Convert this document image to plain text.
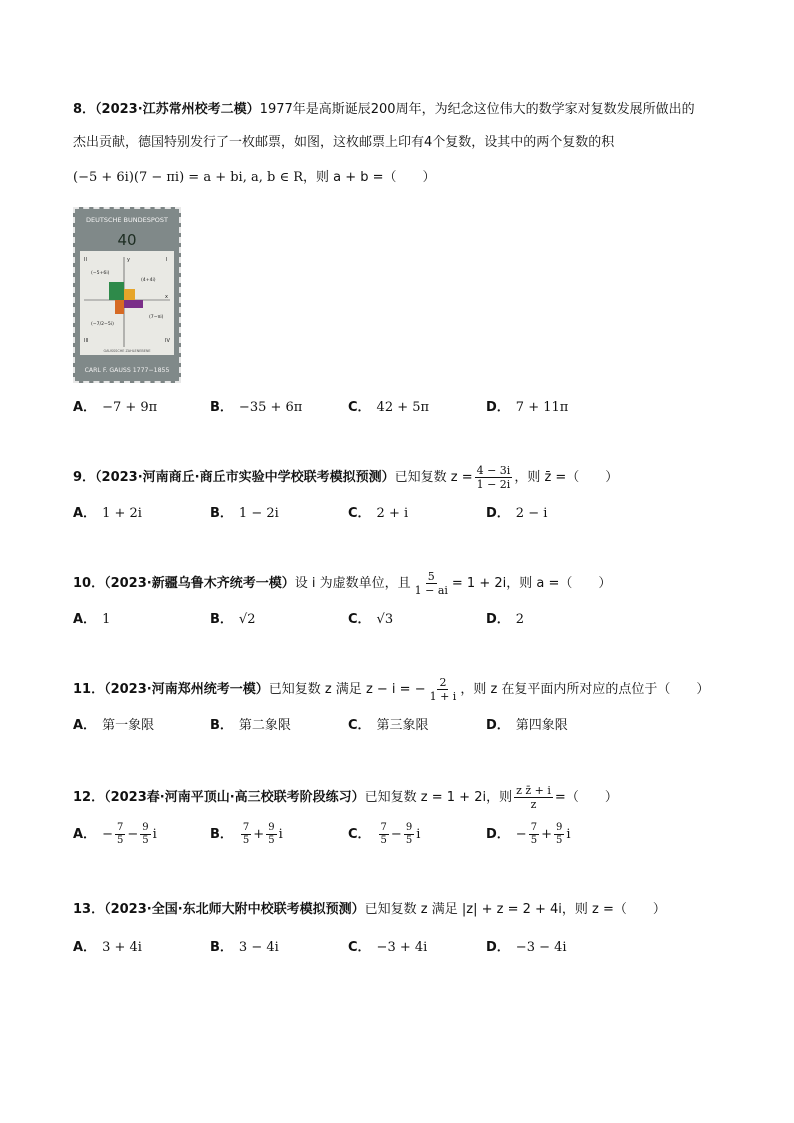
8．（2023·江苏常州校考二模）1977年是高斯诞辰200周年，为纪念这位伟大的数学家对复数发展所做出的
杰出贡献，德国特别发行了一枚邮票，如图，这枚邮票上印有4个复数，设其中的两个复数的积
(−5 + 6i)(7 − πi) = a + bi, a, b ∈ R，则 a + b =（　　）
DEUTSCHE BUNDESPOST
40
y
x
II	I
III	IV
(−5+6i)
(4+4i)
(7−πi)
(−7/2−5i)
GAUSSSCHE ZAHLENEBENE
CARL F. GAUSS 1777−1855
A． −7 + 9π	B． −35 + 6π	C． 42 + 5π	D． 7 + 11π
9．（2023·河南商丘·商丘市实验中学校联考模拟预测）已知复数 $z = \frac{4 - 3i}{1 - 2i}$ ，则 z̄ =（　　）
A． 1 + 2i	B． 1 − 2i	C． 2 + i	D． 2 − i
10．（2023·新疆乌鲁木齐统考一模）设 i 为虚数单位，且 $\frac{5}{1 - ai} = 1 + 2i$，则 a =（　　）
A． 1	B． √2	C． √3	D． 2
11．（2023·河南郑州统考一模）已知复数 z 满足 z − i = − $\frac{2}{1 + i}$ ，则 z 在复平面内所对应的点位于（　　）
A． 第一象限	B． 第二象限	C． 第三象限	D． 第四象限
12．（2023春·河南平顶山·高三校联考阶段练习）已知复数 z = 1 + 2i，则 $\frac{\text{z z̄ + i}}{z}$ =（　　）
A． − $\frac{7}{5} - \frac{9}{5}$ i	B． $\frac{7}{5} + \frac{9}{5}$ i	C． $\frac{7}{5} - \frac{9}{5}$ i	D． − $\frac{7}{5} + \frac{9}{5}$ i
13．（2023·全国·东北师大附中校联考模拟预测）已知复数 z 满足 |z| + z = 2 + 4i，则 z =（　　）
A． 3 + 4i	B． 3 − 4i	C． −3 + 4i	D． −3 − 4i
